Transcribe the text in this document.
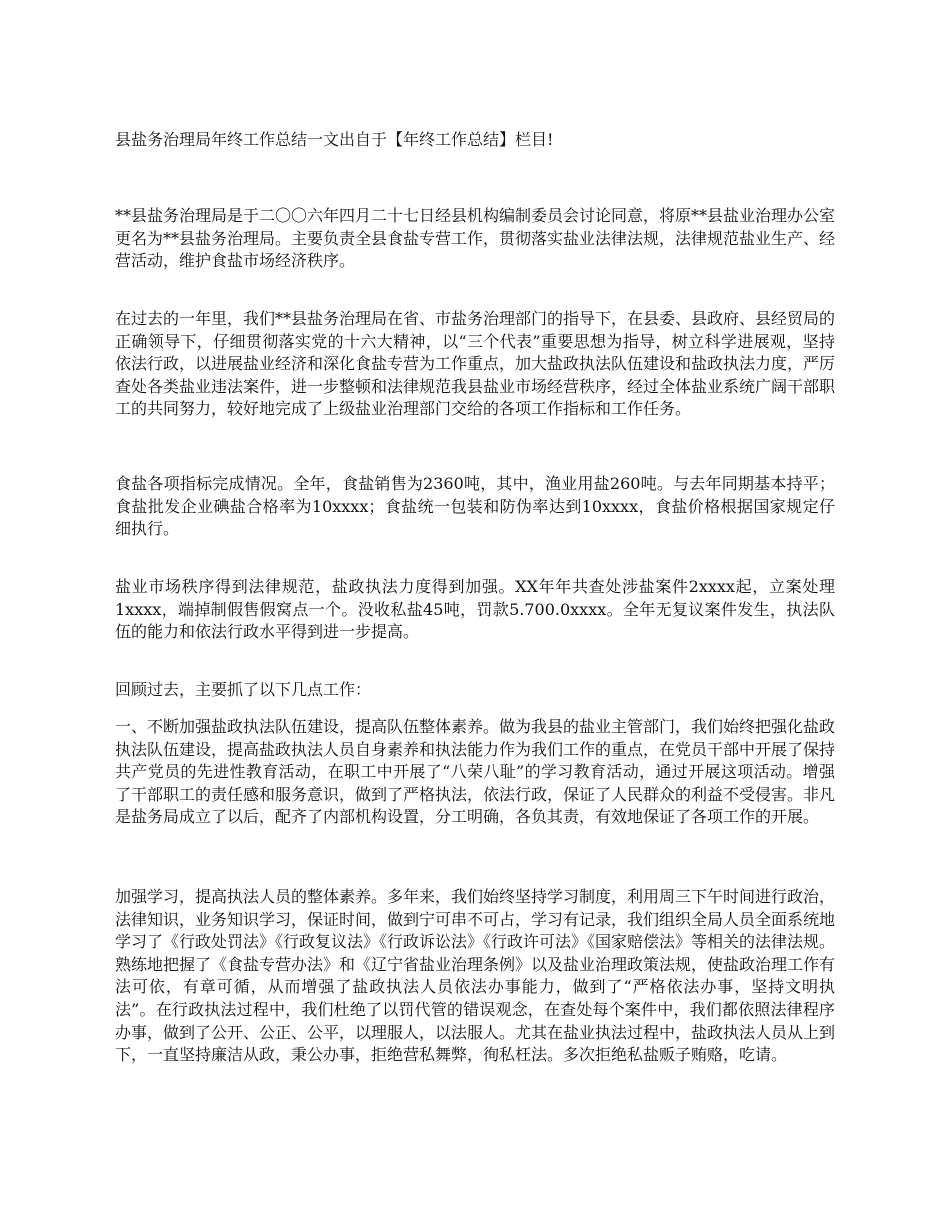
县盐务治理局年终工作总结一文出自于【年终工作总结】栏目!

**县盐务治理局是于二〇〇六年四月二十七日经县机构编制委员会讨论同意，将原**县盐业治理办公室更名为**县盐务治理局。主要负责全县食盐专营工作，贯彻落实盐业法律法规，法律规范盐业生产、经营活动，维护食盐市场经济秩序。

在过去的一年里，我们**县盐务治理局在省、市盐务治理部门的指导下，在县委、县政府、县经贸局的正确领导下，仔细贯彻落实党的十六大精神，以“三个代表”重要思想为指导，树立科学进展观，坚持依法行政，以进展盐业经济和深化食盐专营为工作重点，加大盐政执法队伍建设和盐政执法力度，严厉查处各类盐业违法案件，进一步整顿和法律规范我县盐业市场经营秩序，经过全体盐业系统广阔干部职工的共同努力，较好地完成了上级盐业治理部门交给的各项工作指标和工作任务。

食盐各项指标完成情况。全年，食盐销售为2360吨，其中，渔业用盐260吨。与去年同期基本持平；食盐批发企业碘盐合格率为10xxxx；食盐统一包装和防伪率达到10xxxx，食盐价格根据国家规定仔细执行。

盐业市场秩序得到法律规范，盐政执法力度得到加强。XX年年共查处涉盐案件2xxxx起，立案处理1xxxx，端掉制假售假窝点一个。没收私盐45吨，罚款5.700.0xxxx。全年无复议案件发生，执法队伍的能力和依法行政水平得到进一步提高。

回顾过去，主要抓了以下几点工作：

一、不断加强盐政执法队伍建设，提高队伍整体素养。做为我县的盐业主管部门，我们始终把强化盐政执法队伍建设，提高盐政执法人员自身素养和执法能力作为我们工作的重点，在党员干部中开展了保持共产党员的先进性教育活动，在职工中开展了“八荣八耻”的学习教育活动，通过开展这项活动。增强了干部职工的责任感和服务意识，做到了严格执法，依法行政，保证了人民群众的利益不受侵害。非凡是盐务局成立了以后，配齐了内部机构设置，分工明确，各负其责，有效地保证了各项工作的开展。

加强学习，提高执法人员的整体素养。多年来，我们始终坚持学习制度，利用周三下午时间进行政治，法律知识，业务知识学习，保证时间，做到宁可串不可占，学习有记录，我们组织全局人员全面系统地学习了《行政处罚法》《行政复议法》《行政诉讼法》《行政许可法》《国家赔偿法》等相关的法律法规。熟练地把握了《食盐专营办法》和《辽宁省盐业治理条例》以及盐业治理政策法规，使盐政治理工作有法可依，有章可循，从而增强了盐政执法人员依法办事能力，做到了“严格依法办事，坚持文明执法”。在行政执法过程中，我们杜绝了以罚代管的错误观念，在查处每个案件中，我们都依照法律程序办事，做到了公开、公正、公平，以理服人，以法服人。尤其在盐业执法过程中，盐政执法人员从上到下，一直坚持廉洁从政，秉公办事，拒绝营私舞弊，徇私枉法。多次拒绝私盐贩子贿赂，吃请。
